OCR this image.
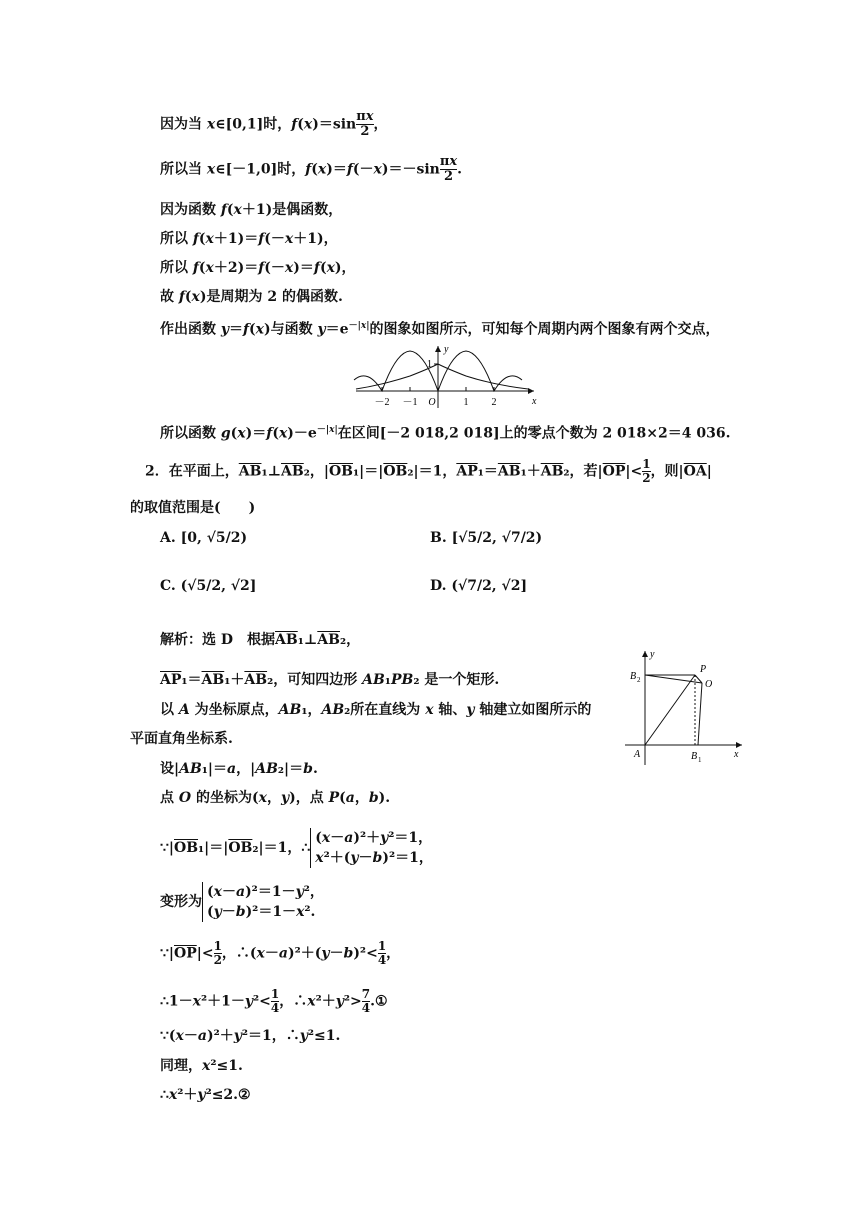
因为当 x∈[0,1]时，$f(x)=\sin \frac{\pi x}{2}$ ，
所以当 x∈[－1,0]时，$f(x)=f(-x)=-\sin \frac{\pi x}{2}$ .
因为函数 f(x＋1)是偶函数，
所以 f(x＋1)＝f(－x＋1)，
所以 f(x＋2)＝f(－x)＝f(x)，
故 f(x)是周期为 2 的偶函数.
作出函数 y＝f(x)与函数 $y=e^{-|x|}$的图象如图所示，可知每个周期内两个图象有两个交点，
1
y
x
－2 －1 O	1 2
所以函数 $g(x)=f(x)-e^{-|x|}$在区间[－2 018,2 018]上的零点个数为 2 018×2＝4 036.
2．在平面上，$\overline{AB}_1\perp\overline{AB}_2$，$|\overline{OB}_1|=|\overline{OB}_2|=1$，$\overline{AP}_1=\overline{AB}_1+\overline{AB}_2$，若$|\overline{OP}|< \frac{1}{2}$ ，则$|\overline{OA}|$
的取值范围是(　　)
A. [0, √5/2)	B. [√5/2, √7/2)
C. (√5/2, √2]	D. (√7/2, √2]
解析：选 D　根据$\overline{AB}_1\perp\overline{AB}_2$，
$\overline{AP}_1=\overline{AB}_1+\overline{AB}_2$，可知四边形 AB₁PB₂ 是一个矩形.
以 A 为坐标原点，AB₁，AB₂所在直线为 x 轴、y 轴建立如图所示的
平面直角坐标系.
设|AB₁|＝a，|AB₂|＝b.
点 O 的坐标为(x，y)，点 P(a，b).
$\because|\overline{OB}_1|=|\overline{OB}_2|=1$，∴(x－a)²＋y²＝1，
x²＋(y－b)²＝1，
变形为(x－a)²＝1－y²，
(y－b)²＝1－x².
$\because|\overline{OP}|< \frac{1}{2}$ ，∴(x－a)²＋(y－b)²< $\frac{1}{4}$ ，
∴1－x²＋1－y²< $\frac{1}{4}$ ，∴x²＋y²> $\frac{7}{4}$ .①
∵(x－a)²＋y²＝1，∴y²≤1.
同理，x²≤1.
∴x²＋y²≤2.②
P
O
B 2
B 1
A	x
y
